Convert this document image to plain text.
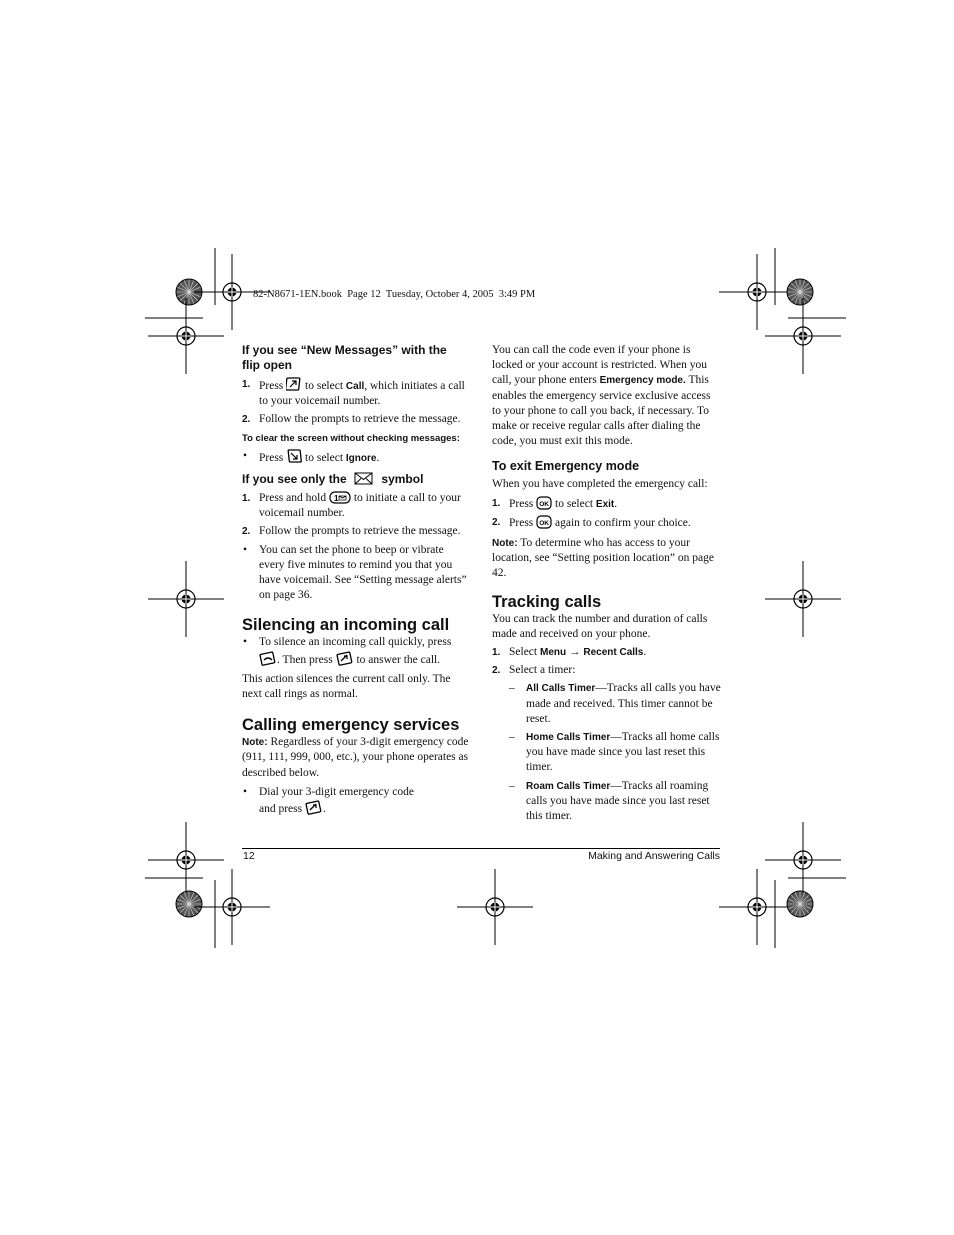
82-N8671-1EN.book  Page 12  Tuesday, October 4, 2005  3:49 PM

If you see “New Messages” with the flip open

1. Press to select Call, which initiates a call to your voicemail number.
2. Follow the prompts to retrieve the message.

To clear the screen without checking messages:

• Press to select Ignore.

If you see only the	symbol

1. Press and hold 1 to initiate a call to your voicemail number.
2. Follow the prompts to retrieve the message.
• You can set the phone to beep or vibrate every five minutes to remind you that you have voicemail. See “Setting message alerts” on page 36.

Silencing an incoming call

• To silence an incoming call quickly, press . Then press to answer the call.

This action silences the current call only. The next call rings as normal.

Calling emergency services

Note: Regardless of your 3-digit emergency code (911, 111, 999, 000, etc.), your phone operates as described below.

• Dial your 3-digit emergency code
and press .

You can call the code even if your phone is locked or your account is restricted. When you call, your phone enters Emergency mode. This enables the emergency service exclusive access to your phone to call you back, if necessary. To make or receive regular calls after dialing the code, you must exit this mode.

To exit Emergency mode

When you have completed the emergency call:

1. Press OK to select Exit.
2. Press OK again to confirm your choice.

Note: To determine who has access to your location, see “Setting position location” on page 42.

Tracking calls

You can track the number and duration of calls made and received on your phone.

1. Select Menu → Recent Calls.
2. Select a timer:
– All Calls Timer—Tracks all calls you have made and received. This timer cannot be reset.
– Home Calls Timer—Tracks all home calls you have made since you last reset this timer.
– Roam Calls Timer—Tracks all roaming calls you have made since you last reset this timer.
12	Making and Answering Calls
